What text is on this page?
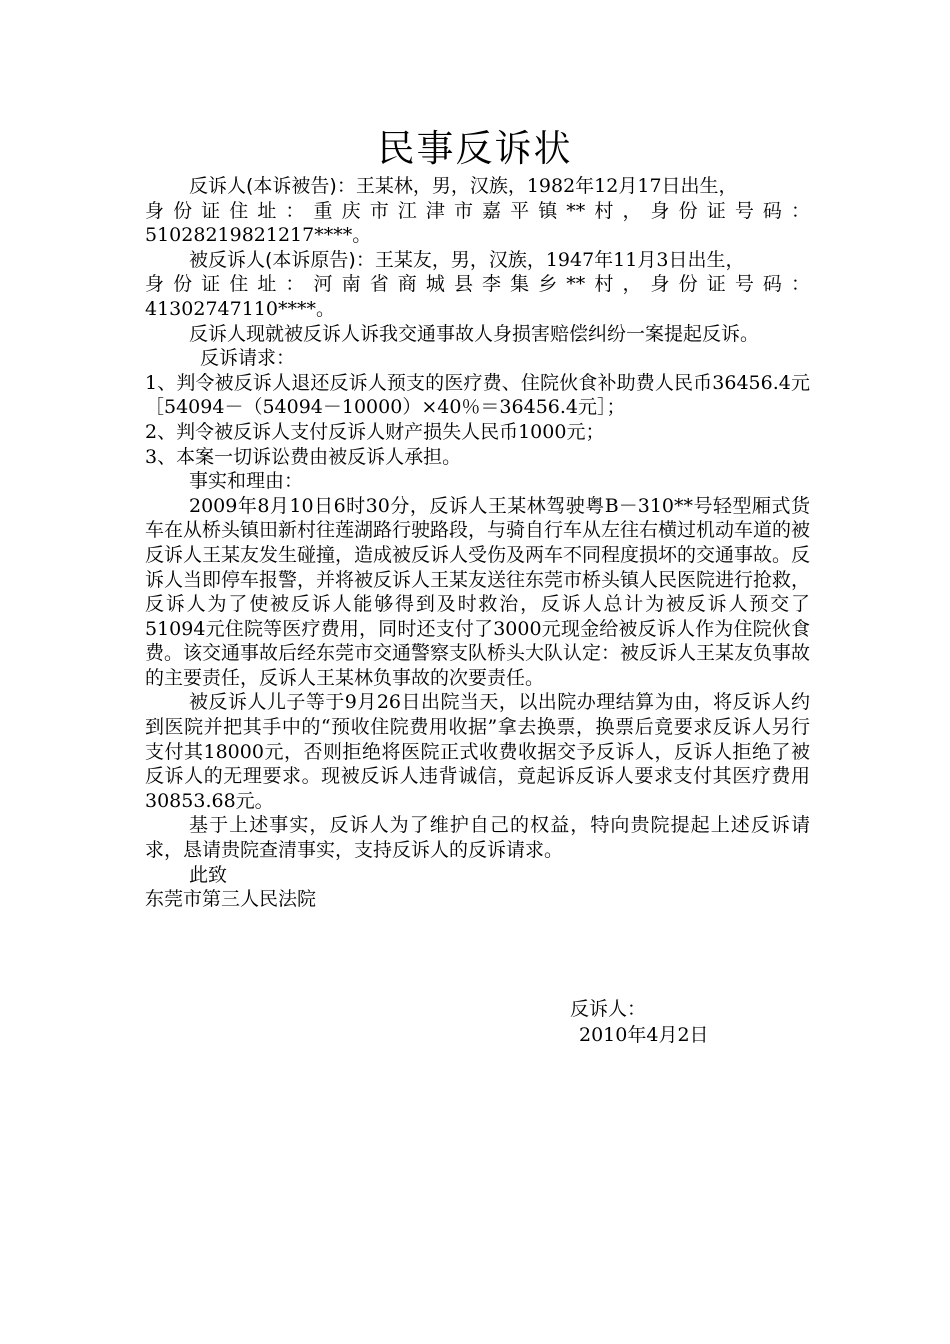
民事反诉状

反诉人(本诉被告)：王某林，男，汉族，1982年12月17日出生，

身份证住址：重庆市江津市嘉平镇**村，身份证号码：

51028219821217****。

被反诉人(本诉原告)：王某友，男，汉族，1947年11月3日出生，

身份证住址：河南省商城县李集乡**村，身份证号码：

41302747110****。

反诉人现就被反诉人诉我交通事故人身损害赔偿纠纷一案提起反诉。

反诉请求：

1、判令被反诉人退还反诉人预支的医疗费、住院伙食补助费人民币36456.4元［54094－（54094－10000）×40％＝36456.4元］；

2、判令被反诉人支付反诉人财产损失人民币1000元；

3、本案一切诉讼费由被反诉人承担。

事实和理由：

2009年8月10日6时30分，反诉人王某林驾驶粤B－310**号轻型厢式货车在从桥头镇田新村往莲湖路行驶路段，与骑自行车从左往右横过机动车道的被反诉人王某友发生碰撞，造成被反诉人受伤及两车不同程度损坏的交通事故。反诉人当即停车报警，并将被反诉人王某友送往东莞市桥头镇人民医院进行抢救，反诉人为了使被反诉人能够得到及时救治，反诉人总计为被反诉人预交了51094元住院等医疗费用，同时还支付了3000元现金给被反诉人作为住院伙食费。该交通事故后经东莞市交通警察支队桥头大队认定：被反诉人王某友负事故的主要责任，反诉人王某林负事故的次要责任。

被反诉人儿子等于9月26日出院当天，以出院办理结算为由，将反诉人约到医院并把其手中的“预收住院费用收据”拿去换票，换票后竟要求反诉人另行支付其18000元，否则拒绝将医院正式收费收据交予反诉人，反诉人拒绝了被反诉人的无理要求。现被反诉人违背诚信，竟起诉反诉人要求支付其医疗费用30853.68元。

基于上述事实，反诉人为了维护自己的权益，特向贵院提起上述反诉请求，恳请贵院查清事实，支持反诉人的反诉请求。

此致

东莞市第三人民法院

反诉人：
2010年4月2日
